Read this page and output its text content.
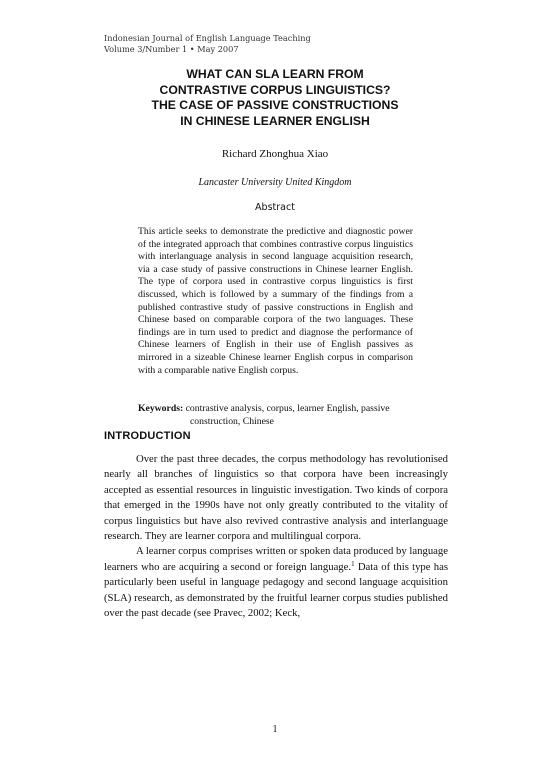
Indonesian Journal of English Language Teaching
Volume 3/Number 1 • May 2007
WHAT CAN SLA LEARN FROM
CONTRASTIVE CORPUS LINGUISTICS?
THE CASE OF PASSIVE CONSTRUCTIONS
IN CHINESE LEARNER ENGLISH
Richard Zhonghua Xiao
Lancaster University United Kingdom
Abstract

This article seeks to demonstrate the predictive and diagnostic power of the integrated approach that combines contrastive corpus linguistics with interlanguage analysis in second language acquisition research, via a case study of passive constructions in Chinese learner English. The type of corpora used in contrastive corpus linguistics is first discussed, which is followed by a summary of the findings from a published contrastive study of passive constructions in English and Chinese based on comparable corpora of the two languages. These findings are in turn used to predict and diagnose the performance of Chinese learners of English in their use of English passives as mirrored in a sizeable Chinese learner English corpus in comparison with a comparable native English corpus.

Keywords: contrastive analysis, corpus, learner English, passive
construction, Chinese
INTRODUCTION

Over the past three decades, the corpus methodology has revolutionised nearly all branches of linguistics so that corpora have been increasingly accepted as essential resources in linguistic investigation. Two kinds of corpora that emerged in the 1990s have not only greatly contributed to the vitality of corpus linguistics but have also revived contrastive analysis and interlanguage research. They are learner corpora and multilingual corpora.

A learner corpus comprises written or spoken data produced by language learners who are acquiring a second or foreign language.$^1$ Data of this type has particularly been useful in language pedagogy and second language acquisition (SLA) research, as demonstrated by the fruitful learner corpus studies published over the past decade (see Pravec, 2002; Keck,

1
